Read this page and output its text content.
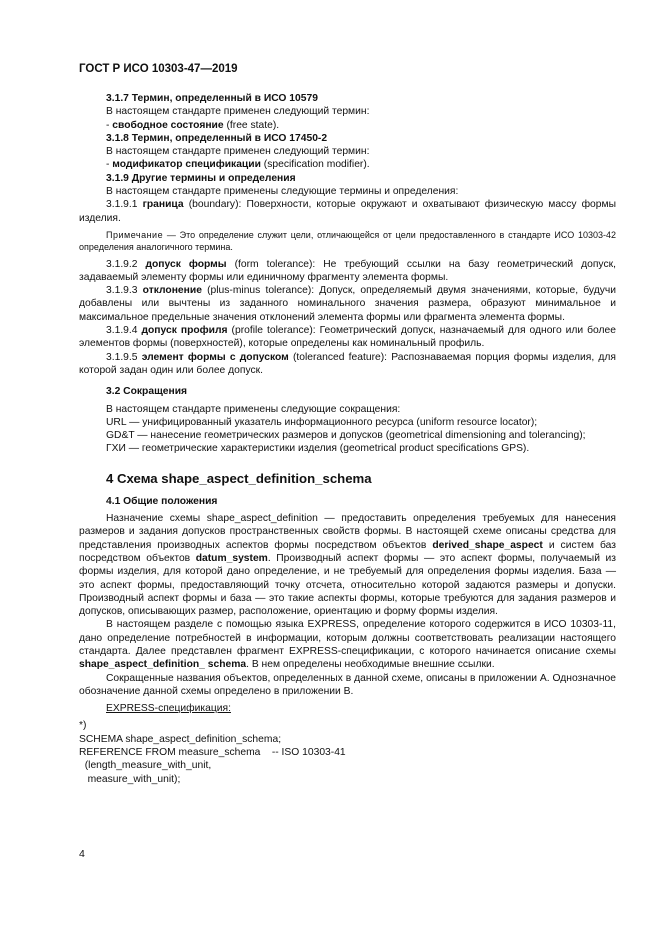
ГОСТ Р ИСО 10303-47—2019

3.1.7 Термин, определенный в ИСО 10579

В настоящем стандарте применен следующий термин:

- свободное состояние (free state).

3.1.8 Термин, определенный в ИСО 17450-2

В настоящем стандарте применен следующий термин:

- модификатор спецификации (specification modifier).

3.1.9 Другие термины и определения

В настоящем стандарте применены следующие термины и определения:

3.1.9.1 граница (boundary): Поверхности, которые окружают и охватывают физическую массу формы изделия.

Примечание — Это определение служит цели, отличающейся от цели предоставленного в стандарте ИСО 10303-42 определения аналогичного термина.

3.1.9.2 допуск формы (form tolerance): Не требующий ссылки на базу геометрический допуск, задаваемый элементу формы или единичному фрагменту элемента формы.

3.1.9.3 отклонение (plus-minus tolerance): Допуск, определяемый двумя значениями, которые, будучи добавлены или вычтены из заданного номинального значения размера, образуют минимальное и максимальное предельные значения отклонений элемента формы или фрагмента элемента формы.

3.1.9.4 допуск профиля (profile tolerance): Геометрический допуск, назначаемый для одного или более элементов формы (поверхностей), которые определены как номинальный профиль.

3.1.9.5 элемент формы с допуском (toleranced feature): Распознаваемая порция формы изделия, для которой задан один или более допуск.

3.2 Сокращения

В настоящем стандарте применены следующие сокращения:

URL — унифицированный указатель информационного ресурса (uniform resource locator);

GD&T — нанесение геометрических размеров и допусков (geometrical dimensioning and tolerancing);

ГХИ — геометрические характеристики изделия (geometrical product specifications GPS).

4 Схема shape_aspect_definition_schema

4.1 Общие положения

Назначение схемы shape_aspect_definition — предоставить определения требуемых для нанесения размеров и задания допусков пространственных свойств формы. В настоящей схеме описаны средства для представления производных аспектов формы посредством объектов derived_shape_aspect и систем баз посредством объектов datum_system. Производный аспект формы — это аспект формы, получаемый из формы изделия, для которой дано определение, и не требуемый для определения формы изделия. База — это аспект формы, предоставляющий точку отсчета, относительно которой задаются размеры и допуски. Производный аспект формы и база — это такие аспекты формы, которые требуются для задания размеров и допусков, описывающих размер, расположение, ориентацию и форму формы изделия.

В настоящем разделе с помощью языка EXPRESS, определение которого содержится в ИСО 10303-11, дано определение потребностей в информации, которым должны соответствовать реализации настоящего стандарта. Далее представлен фрагмент EXPRESS-спецификации, с которого начинается описание схемы shape_aspect_definition_ schema. В нем определены необходимые внешние ссылки.

Сокращенные названия объектов, определенных в данной схеме, описаны в приложении А. Однозначное обозначение данной схемы определено в приложении В.

EXPRESS-спецификация:

*)

SCHEMA shape_aspect_definition_schema;

REFERENCE FROM measure_schema    -- ISO 10303-41

(length_measure_with_unit,

measure_with_unit);

4
